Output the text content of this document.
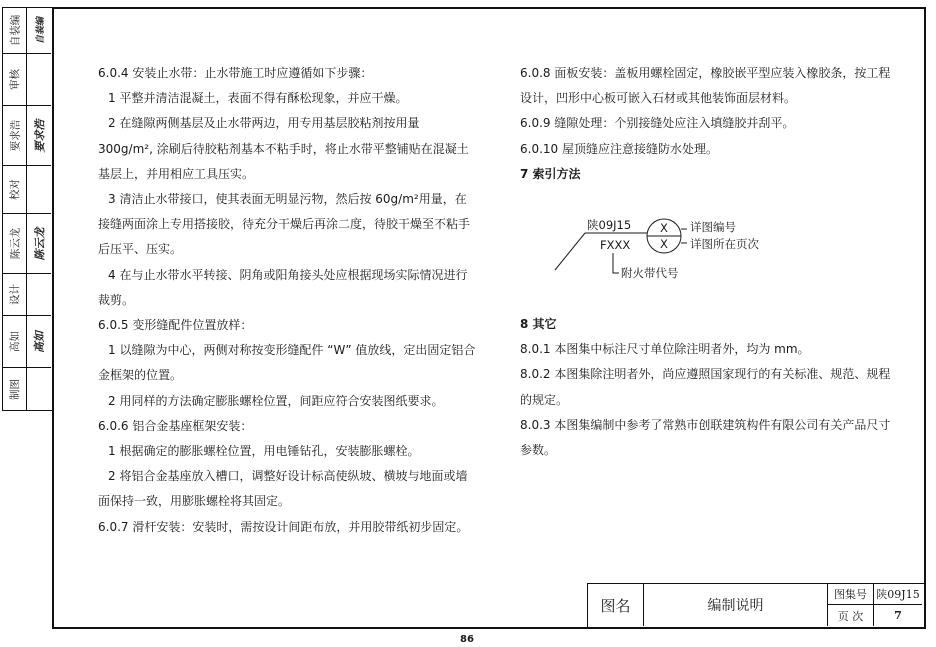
自装编	自装编
审核
要求浩 要求浩
校对
陈云龙 陈云龙
设计
高如 高如
制图

6.0.4 安装止水带：止水带施工时应遵循如下步骤：

1 平整并清洁混凝土，表面不得有酥松现象，并应干燥。

2 在缝隙两侧基层及止水带两边，用专用基层胶粘剂按用量

300g/m², 涂刷后待胶粘剂基本不粘手时，将止水带平整铺贴在混凝土

基层上，并用相应工具压实。

3 清洁止水带接口，使其表面无明显污物，然后按 60g/m²用量，在

接缝两面涂上专用搭接胶，待充分干燥后再涂二度，待胶干燥至不粘手

后压平、压实。

4 在与止水带水平转接、阴角或阳角接头处应根据现场实际情况进行

裁剪。

6.0.5 变形缝配件位置放样：

1 以缝隙为中心，两侧对称按变形缝配件 “W” 值放线，定出固定铝合

金框架的位置。

2 用同样的方法确定膨胀螺栓位置，间距应符合安装图纸要求。

6.0.6 铝合金基座框架安装：

1 根据确定的膨胀螺栓位置，用电锤钻孔，安装膨胀螺栓。

2 将铝合金基座放入槽口，调整好设计标高使纵坡、横坡与地面或墙

面保持一致，用膨胀螺栓将其固定。

6.0.7 滑杆安装：安装时，需按设计间距布放，并用胶带纸初步固定。

6.0.8 面板安装：盖板用螺栓固定，橡胶嵌平型应装入橡胶条，按工程

设计，凹形中心板可嵌入石材或其他装饰面层材料。

6.0.9 缝隙处理：个别接缝处应注入填缝胶并刮平。

6.0.10 屋顶缝应注意接缝防水处理。

7 索引方法

陕09J15
FXXX
X
X
详图编号
详图所在页次
附火带代号

8 其它

8.0.1 本图集中标注尺寸单位除注明者外，均为 mm。

8.0.2 本图集除注明者外，尚应遵照国家现行的有关标准、规范、规程

的规定。

8.0.3 本图集编制中参考了常熟市创联建筑构件有限公司有关产品尺寸

参数。

图名	编制说明
图集号 陕09J15
页 次	7
86
